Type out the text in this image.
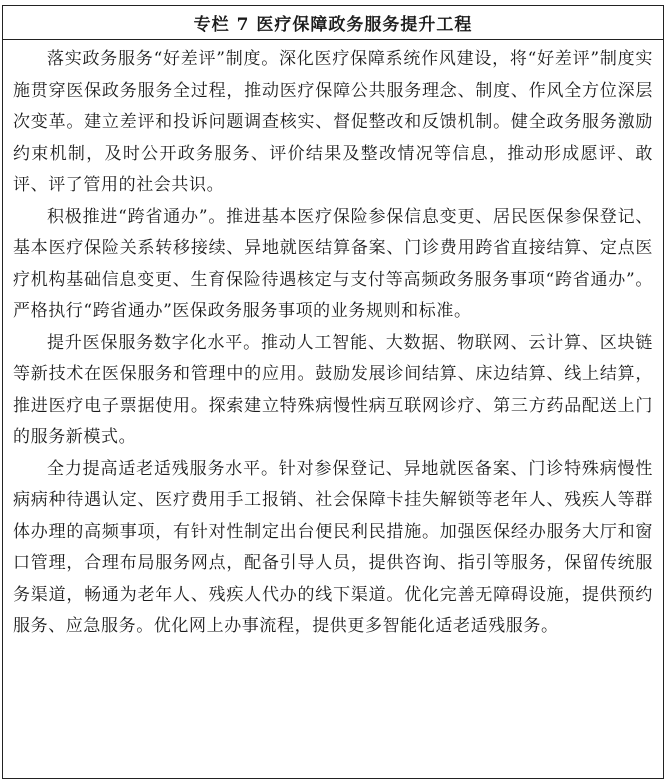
专栏 7 医疗保障政务服务提升工程

落实政务服务“好差评”制度。深化医疗保障系统作风建设，将“好差评”制度实施贯穿医保政务服务全过程，推动医疗保障公共服务理念、制度、作风全方位深层次变革。建立差评和投诉问题调查核实、督促整改和反馈机制。健全政务服务激励约束机制，及时公开政务服务、评价结果及整改情况等信息，推动形成愿评、敢评、评了管用的社会共识。

积极推进“跨省通办”。推进基本医疗保险参保信息变更、居民医保参保登记、基本医疗保险关系转移接续、异地就医结算备案、门诊费用跨省直接结算、定点医疗机构基础信息变更、生育保险待遇核定与支付等高频政务服务事项“跨省通办”。严格执行“跨省通办”医保政务服务事项的业务规则和标准。

提升医保服务数字化水平。推动人工智能、大数据、物联网、云计算、区块链等新技术在医保服务和管理中的应用。鼓励发展诊间结算、床边结算、线上结算，推进医疗电子票据使用。探索建立特殊病慢性病互联网诊疗、第三方药品配送上门的服务新模式。

全力提高适老适残服务水平。针对参保登记、异地就医备案、门诊特殊病慢性病病种待遇认定、医疗费用手工报销、社会保障卡挂失解锁等老年人、残疾人等群体办理的高频事项，有针对性制定出台便民利民措施。加强医保经办服务大厅和窗口管理，合理布局服务网点，配备引导人员，提供咨询、指引等服务，保留传统服务渠道，畅通为老年人、残疾人代办的线下渠道。优化完善无障碍设施，提供预约服务、应急服务。优化网上办事流程，提供更多智能化适老适残服务。
